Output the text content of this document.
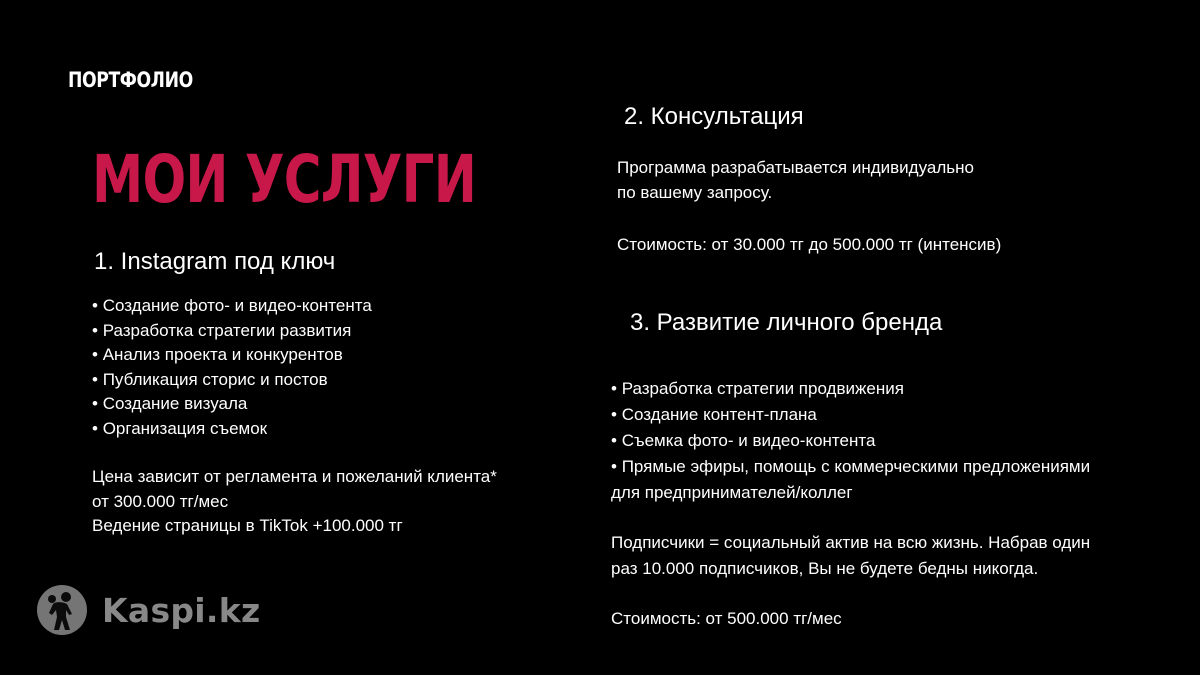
ПОРТФОЛИО
МОИ УСЛУГИ
1. Instagram под ключ
• Создание фото- и видео-контента
• Разработка стратегии развития
• Анализ проекта и конкурентов
• Публикация сторис и постов
• Создание визуала
• Организация съемок
Цена зависит от регламента и пожеланий клиента*
от 300.000 тг/мес
Ведение страницы в TikTok +100.000 тг
2. Консультация
Программа разрабатывается индивидуально
по вашему запросу.
Стоимость: от 30.000 тг до 500.000 тг (интенсив)
3. Развитие личного бренда
• Разработка стратегии продвижения
• Создание контент-плана
• Съемка фото- и видео-контента
• Прямые эфиры, помощь с коммерческими предложениями
для предпринимателей/коллег
Подписчики = социальный актив на всю жизнь. Набрав один
раз 10.000 подписчиков, Вы не будете бедны никогда.
Стоимость: от 500.000 тг/мес
Kaspi.kz
